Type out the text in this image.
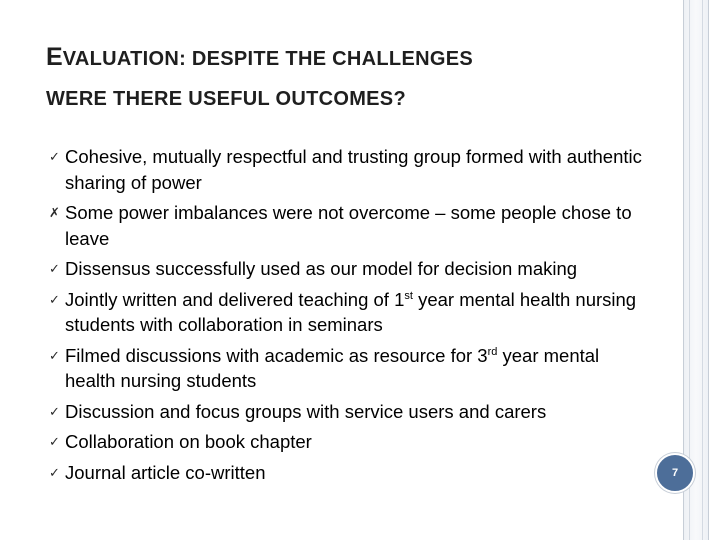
7
EVALUATION: DESPITE THE CHALLENGES
WERE THERE USEFUL OUTCOMES?
✓ Cohesive, mutually respectful and trusting group formed with authentic sharing of power
✗ Some power imbalances were not overcome – some people chose to leave
✓ Dissensus successfully used as our model for decision making
✓ Jointly written and delivered teaching of 1st year mental health nursing students with collaboration in seminars
✓ Filmed discussions with academic as resource for 3rd year mental health nursing students
✓ Discussion and focus groups with service users and carers
✓ Collaboration on book chapter
✓ Journal article co-written
